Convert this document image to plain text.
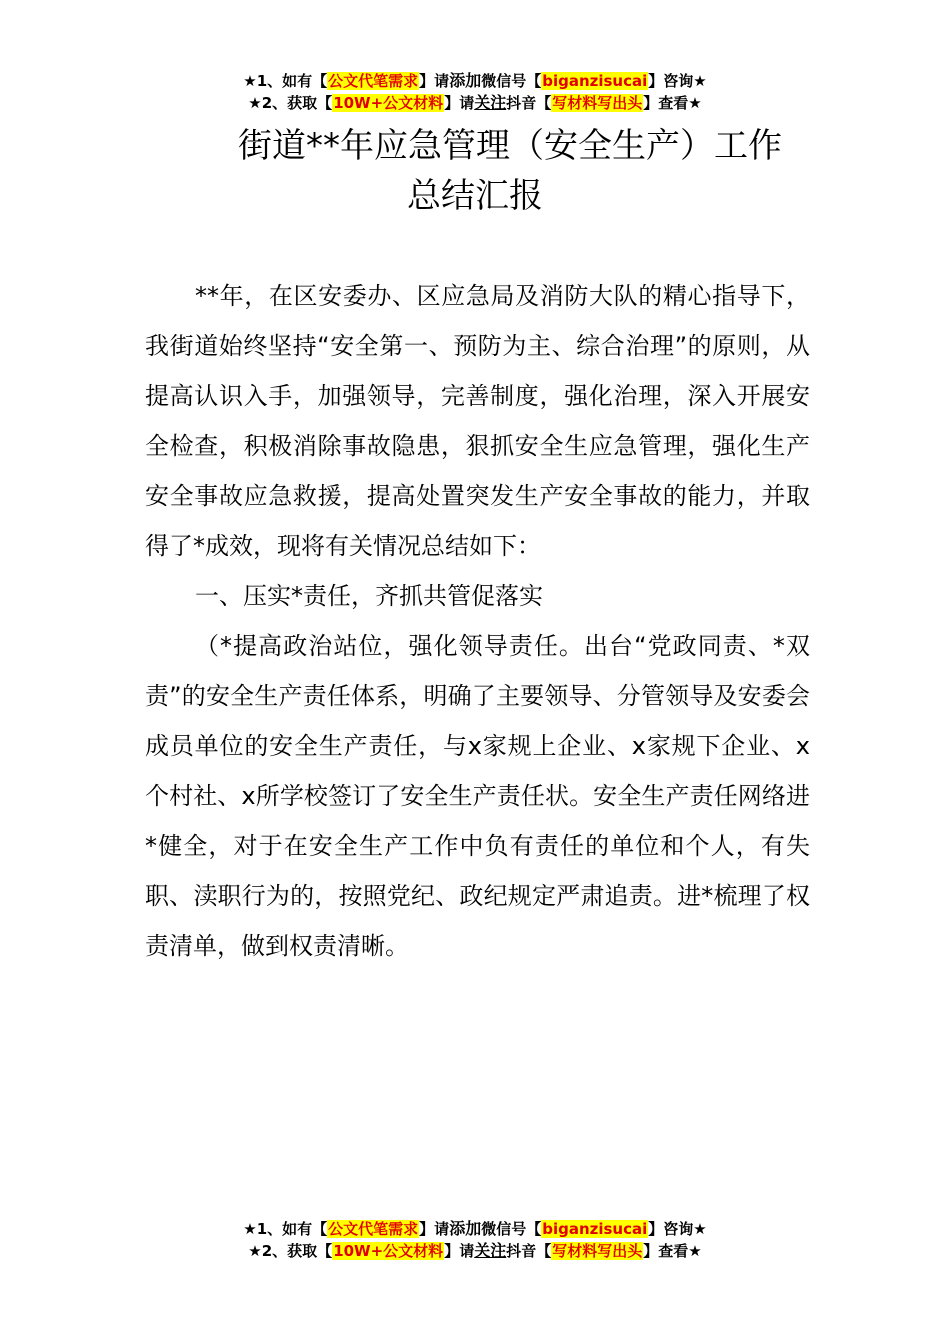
★1、如有【公文代笔需求】请添加微信号【biganzisucai】咨询★
★2、获取【10W+公文材料】请关注抖音【写材料写出头】查看★
街道**年应急管理（安全生产）工作
总结汇报

**年，在区安委办、区应急局及消防大队的精心指导下，我街道始终坚持“安全第一、预防为主、综合治理”的原则，从提高认识入手，加强领导，完善制度，强化治理，深入开展安全检查，积极消除事故隐患，狠抓安全生应急管理，强化生产安全事故应急救援，提高处置突发生产安全事故的能力，并取得了*成效，现将有关情况总结如下：

一、压实*责任，齐抓共管促落实

（*提高政治站位，强化领导责任。出台“党政同责、*双责”的安全生产责任体系，明确了主要领导、分管领导及安委会成员单位的安全生产责任，与x家规上企业、x家规下企业、x个村社、x所学校签订了安全生产责任状。安全生产责任网络进*健全，对于在安全生产工作中负有责任的单位和个人，有失职、渎职行为的，按照党纪、政纪规定严肃追责。进*梳理了权责清单，做到权责清晰。

★1、如有【公文代笔需求】请添加微信号【biganzisucai】咨询★
★2、获取【10W+公文材料】请关注抖音【写材料写出头】查看★
